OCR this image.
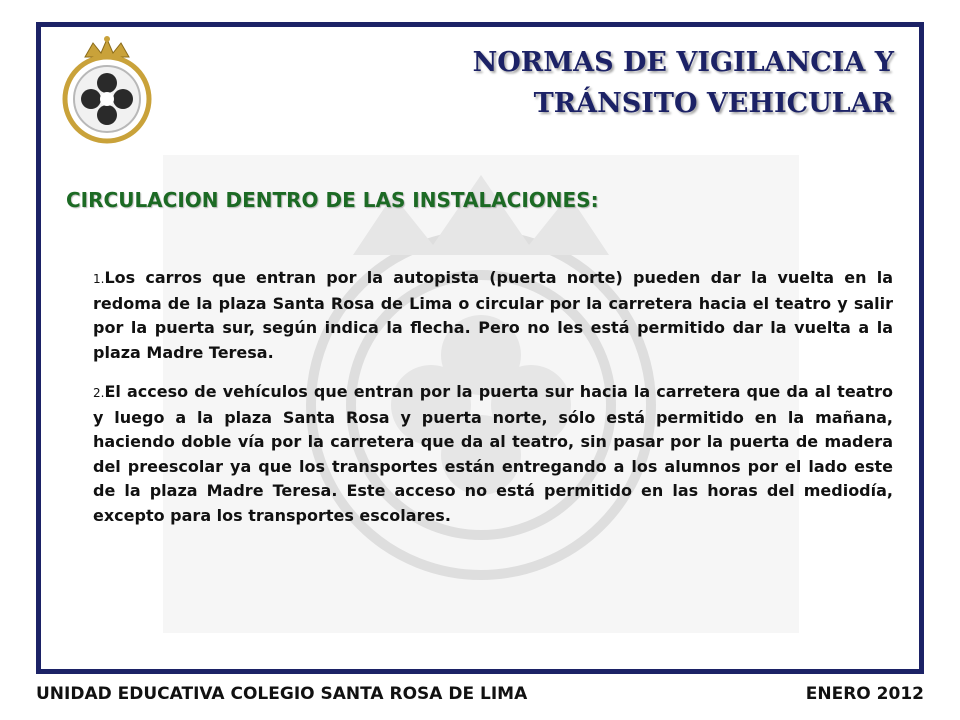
NORMAS DE VIGILANCIA Y
TRÁNSITO VEHICULAR
CIRCULACION DENTRO DE LAS INSTALACIONES:

1.Los carros que entran por la autopista (puerta norte) pueden dar la vuelta en la redoma de la plaza Santa Rosa de Lima o circular por la carretera hacia el teatro y salir por la puerta sur, según indica la flecha. Pero no les está permitido dar la vuelta a la plaza Madre Teresa.

2.El acceso de vehículos que entran por la puerta sur hacia la carretera que da al teatro y luego a la plaza Santa Rosa y puerta norte, sólo está permitido en la mañana, haciendo doble vía por la carretera que da al teatro, sin pasar por la puerta de madera del preescolar ya que los transportes están entregando a los alumnos por el lado este de la plaza Madre Teresa. Este acceso no está permitido en las horas del mediodía, excepto para los transportes escolares.

UNIDAD EDUCATIVA COLEGIO SANTA ROSA DE LIMA	ENERO 2012
